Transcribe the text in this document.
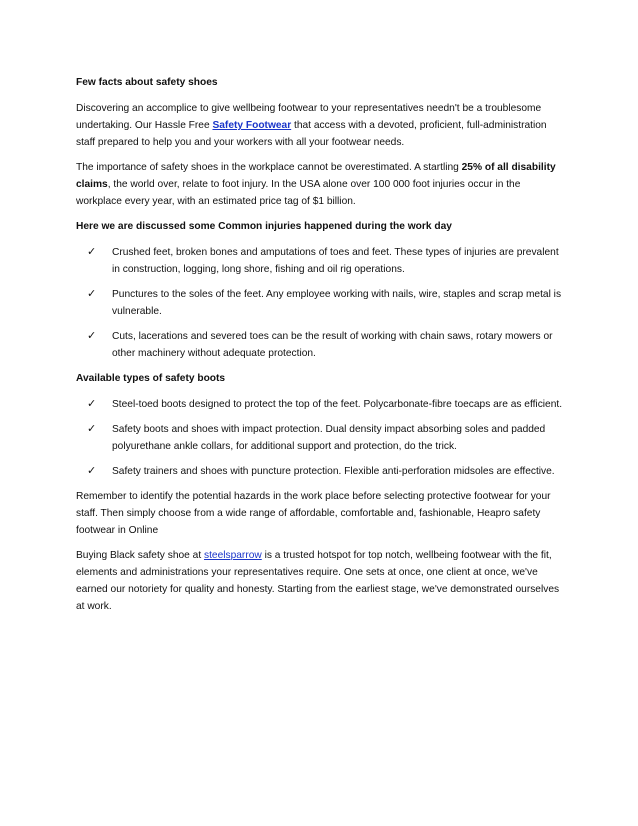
Few facts about safety shoes

Discovering an accomplice to give wellbeing footwear to your representatives needn't be a troublesome undertaking. Our Hassle Free Safety Footwear that access with a devoted, proficient, full-administration staff prepared to help you and your workers with all your footwear needs.

The importance of safety shoes in the workplace cannot be overestimated. A startling 25% of all disability claims, the world over, relate to foot injury. In the USA alone over 100 000 foot injuries occur in the workplace every year, with an estimated price tag of $1 billion.

Here we are discussed some Common injuries happened during the work day

✓	Crushed feet, broken bones and amputations of toes and feet. These types of injuries are prevalent in construction, logging, long shore, fishing and oil rig operations.
✓	Punctures to the soles of the feet. Any employee working with nails, wire, staples and scrap metal is vulnerable.
✓	Cuts, lacerations and severed toes can be the result of working with chain saws, rotary mowers or other machinery without adequate protection.

Available types of safety boots

✓	Steel-toed boots designed to protect the top of the feet. Polycarbonate-fibre toecaps are as efficient.
✓	Safety boots and shoes with impact protection. Dual density impact absorbing soles and padded polyurethane ankle collars, for additional support and protection, do the trick.
✓	Safety trainers and shoes with puncture protection. Flexible anti-perforation midsoles are effective.

Remember to identify the potential hazards in the work place before selecting protective footwear for your staff. Then simply choose from a wide range of affordable, comfortable and, fashionable, Heapro safety footwear in Online

Buying Black safety shoe at steelsparrow is a trusted hotspot for top notch, wellbeing footwear with the fit, elements and administrations your representatives require. One sets at once, one client at once, we've earned our notoriety for quality and honesty. Starting from the earliest stage, we've demonstrated ourselves at work.
